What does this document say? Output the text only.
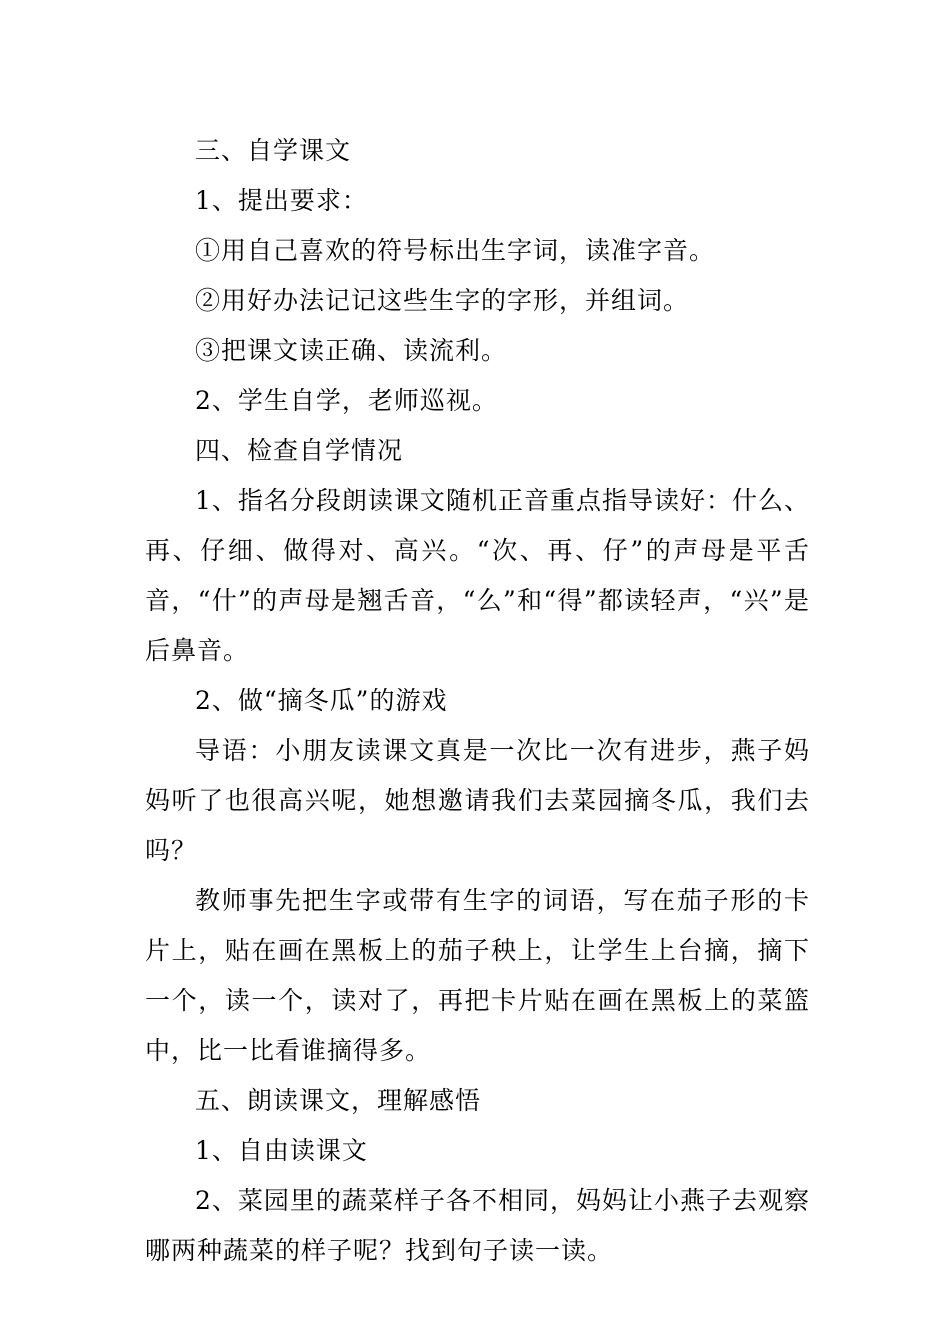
三、自学课文

1、提出要求：

①用自己喜欢的符号标出生字词，读准字音。

②用好办法记记这些生字的字形，并组词。

③把课文读正确、读流利。

2、学生自学，老师巡视。

四、检查自学情况

1、指名分段朗读课文随机正音重点指导读好：什么、再、仔细、做得对、高兴。“次、再、仔”的声母是平舌音，“什”的声母是翘舌音，“么”和“得”都读轻声，“兴”是后鼻音。

2、做“摘冬瓜”的游戏

导语：小朋友读课文真是一次比一次有进步，燕子妈妈听了也很高兴呢，她想邀请我们去菜园摘冬瓜，我们去吗？

教师事先把生字或带有生字的词语，写在茄子形的卡片上，贴在画在黑板上的茄子秧上，让学生上台摘，摘下一个，读一个，读对了，再把卡片贴在画在黑板上的菜篮中，比一比看谁摘得多。

五、朗读课文，理解感悟

1、自由读课文

2、菜园里的蔬菜样子各不相同，妈妈让小燕子去观察哪两种蔬菜的样子呢？找到句子读一读。
